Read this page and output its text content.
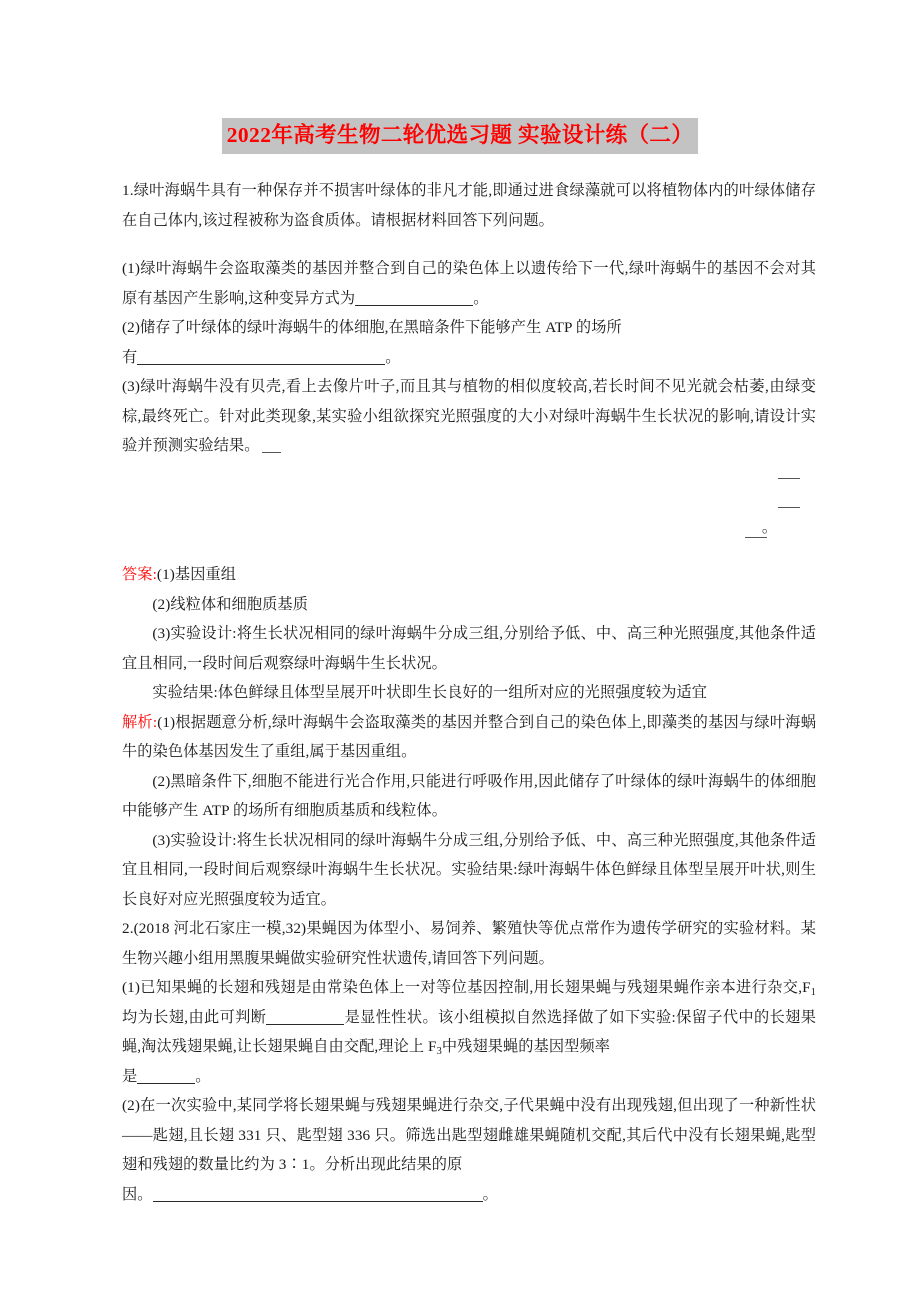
2022年高考生物二轮优选习题 实验设计练（二）

1.绿叶海蜗牛具有一种保存并不损害叶绿体的非凡才能,即通过进食绿藻就可以将植物体内的叶绿体储存在自己体内,该过程被称为盗食质体。请根据材料回答下列问题。

(1)绿叶海蜗牛会盗取藻类的基因并整合到自己的染色体上以遗传给下一代,绿叶海蜗牛的基因不会对其原有基因产生影响,这种变异方式为	。

(2)储存了叶绿体的绿叶海蜗牛的体细胞,在黑暗条件下能够产生 ATP 的场所

有	。

(3)绿叶海蜗牛没有贝壳,看上去像片叶子,而且其与植物的相似度较高,若长时间不见光就会枯萎,由绿变棕,最终死亡。针对此类现象,某实验小组欲探究光照强度的大小对绿叶海蜗牛生长状况的影响,请设计实验并预测实验结果。

。

答案:(1)基因重组

(2)线粒体和细胞质基质

(3)实验设计:将生长状况相同的绿叶海蜗牛分成三组,分别给予低、中、高三种光照强度,其他条件适宜且相同,一段时间后观察绿叶海蜗牛生长状况。

实验结果:体色鲜绿且体型呈展开叶状即生长良好的一组所对应的光照强度较为适宜

解析:(1)根据题意分析,绿叶海蜗牛会盗取藻类的基因并整合到自己的染色体上,即藻类的基因与绿叶海蜗牛的染色体基因发生了重组,属于基因重组。

(2)黑暗条件下,细胞不能进行光合作用,只能进行呼吸作用,因此储存了叶绿体的绿叶海蜗牛的体细胞中能够产生 ATP 的场所有细胞质基质和线粒体。

(3)实验设计:将生长状况相同的绿叶海蜗牛分成三组,分别给予低、中、高三种光照强度,其他条件适宜且相同,一段时间后观察绿叶海蜗牛生长状况。实验结果:绿叶海蜗牛体色鲜绿且体型呈展开叶状,则生长良好对应光照强度较为适宜。

2.(2018 河北石家庄一模,32)果蝇因为体型小、易饲养、繁殖快等优点常作为遗传学研究的实验材料。某生物兴趣小组用黑腹果蝇做实验研究性状遗传,请回答下列问题。

(1)已知果蝇的长翅和残翅是由常染色体上一对等位基因控制,用长翅果蝇与残翅果蝇作亲本进行杂交$,F_1$均为长翅,由此可判断	是显性性状。该小组模拟自然选择做了如下实验:保留子代中的长翅果蝇,淘汰残翅果蝇,让长翅果蝇自由交配,理论上 $F_3$中残翅果蝇的基因型频率

是	。

(2)在一次实验中,某同学将长翅果蝇与残翅果蝇进行杂交,子代果蝇中没有出现残翅,但出现了一种新性状——匙翅,且长翅 331 只、匙型翅 336 只。筛选出匙型翅雌雄果蝇随机交配,其后代中没有长翅果蝇,匙型翅和残翅的数量比约为 3∶1。分析出现此结果的原

因。	。
